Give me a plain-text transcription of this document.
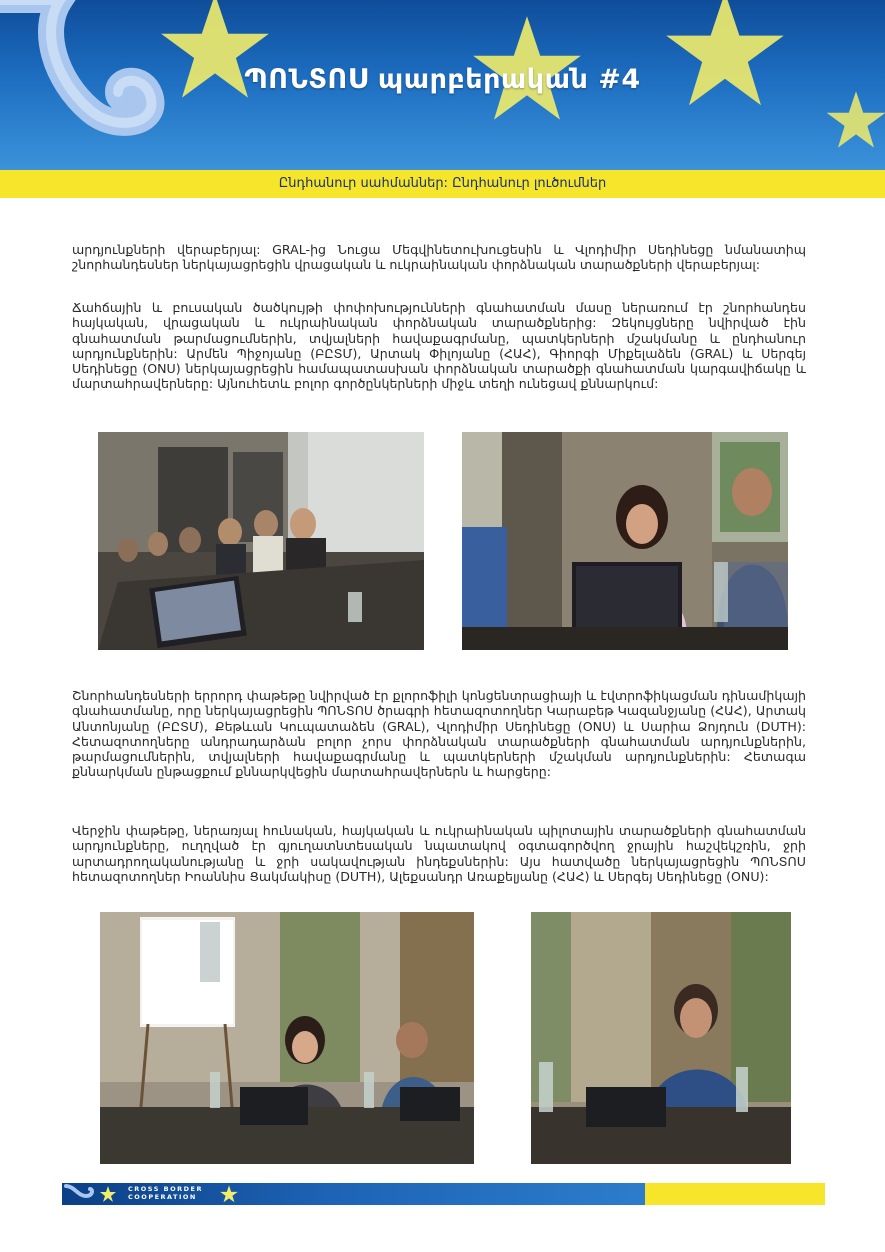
ՊՈՆՏՈՍ պարբերական #4
Ընդհանուր սահմաններ: Ընդհանուր լուծումներ

արդյունքների վերաբերյալ: GRAL-ից Նուցա Մեգվինետուխուցեսին և Վլոդիմիր Սեդինեցը նմանատիպ շնորհանդեսներ ներկայացրեցին վրացական և ուկրաինական փորձնական տարածքների վերաբերյալ:

Ճահճային և բուսական ծածկույթի փոփոխությունների գնահատման մասը ներառում էր շնորհանդես հայկական, վրացական և ուկրաինական փորձնական տարածքներից: Զեկույցները նվիրված էին գնահատման թարմացումներին, տվյալների հավաքագրմանը, պատկերների մշակմանը և ընդհանուր արդյունքներին: Արմեն Պիջոյանը (ԲԸՏՄ), Արտակ Փիլոյանը (ՀԱՀ), Գիորգի Միքելաձեն (GRAL) և Սերգեյ Սեդինեցը (ONU) ներկայացրեցին համապատասխան փորձնական տարածքի գնահատման կարգավիճակը և մարտահրավերները: Այնուհետև բոլոր գործընկերների միջև տեղի ունեցավ քննարկում:

Շնորհանդեսների երրորդ փաթեթը նվիրված էր քլորոֆիլի կոնցենտրացիայի և էվտրոֆիկացման դինամիկայի գնահատմանը, որը ներկայացրեցին ՊՈՆՏՈՍ ծրագրի հետազոտողներ Կարաբեթ Կազանջյանը (ՀԱՀ), Արտակ Անտոնյանը (ԲԸՏՄ), Քեթևան Կուպատաձեն (GRAL), Վլոդիմիր Սեդինեցը (ONU) և Սարիա Ձոյդուն (DUTH): Հետազոտողները անդրադարձան բոլոր չորս փորձնական տարածքների գնահատման արդյունքներին, թարմացումներին, տվյալների հավաքագրմանը և պատկերների մշակման արդյունքներին: Հետագա քննարկման ընթացքում քննարկվեցին մարտահրավերներն և հարցերը:

Վերջին փաթեթը, ներառյալ հունական, հայկական և ուկրաինական պիլոտային տարածքների գնահատման արդյունքները, ուղղված էր գյուղատնտեսական նպատակով օգտագործվող ջրային հաշվեկշռին, ջրի արտադրողականությանը և ջրի սակավության ինդեքսներին: Այս հատվածը ներկայացրեցին ՊՈՆՏՈՍ հետազոտողներ Իոաննիս Ցակմակիսը (DUTH), Ալեքսանդր Առաքելյանը (ՀԱՀ) և Սերգեյ Սեդինեցը (ONU):

CROSS BORDER
COOPERATION
